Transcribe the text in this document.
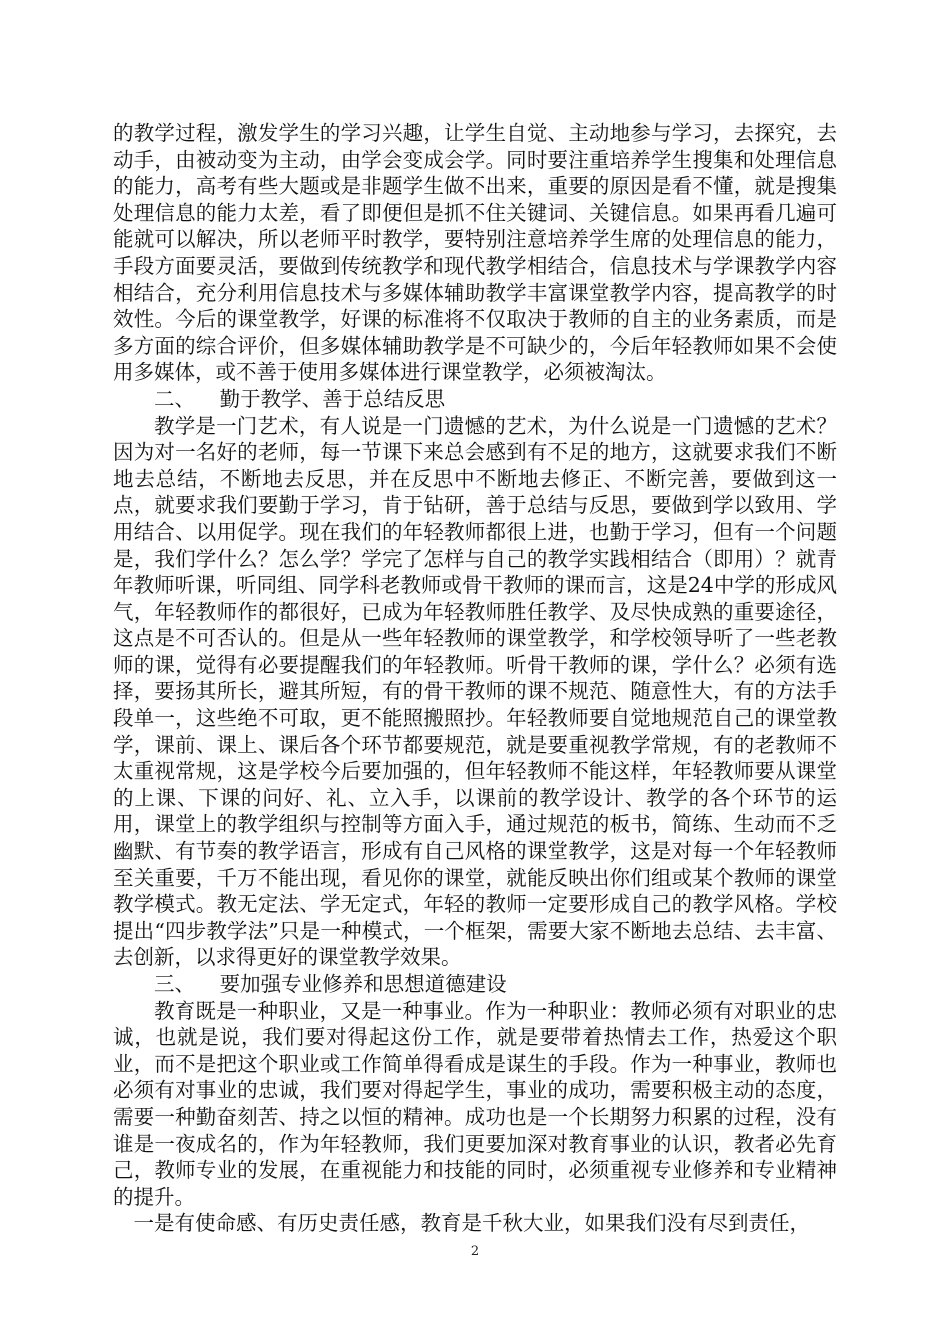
的教学过程，激发学生的学习兴趣，让学生自觉、主动地参与学习，去探究，去动手，由被动变为主动，由学会变成会学。同时要注重培养学生搜集和处理信息的能力，高考有些大题或是非题学生做不出来，重要的原因是看不懂，就是搜集处理信息的能力太差，看了即便但是抓不住关键词、关键信息。如果再看几遍可能就可以解决，所以老师平时教学，要特别注意培养学生席的处理信息的能力，手段方面要灵活，要做到传统教学和现代教学相结合，信息技术与学课教学内容相结合，充分利用信息技术与多媒体辅助教学丰富课堂教学内容，提高教学的时效性。今后的课堂教学，好课的标准将不仅取决于教师的自主的业务素质，而是多方面的综合评价，但多媒体辅助教学是不可缺少的，今后年轻教师如果不会使用多媒体，或不善于使用多媒体进行课堂教学，必须被淘汰。

二、 勤于教学、善于总结反思

教学是一门艺术，有人说是一门遗憾的艺术，为什么说是一门遗憾的艺术？因为对一名好的老师，每一节课下来总会感到有不足的地方，这就要求我们不断地去总结，不断地去反思，并在反思中不断地去修正、不断完善，要做到这一点，就要求我们要勤于学习，肯于钻研，善于总结与反思，要做到学以致用、学用结合、以用促学。现在我们的年轻教师都很上进，也勤于学习，但有一个问题是，我们学什么？怎么学？学完了怎样与自己的教学实践相结合（即用）？就青年教师听课，听同组、同学科老教师或骨干教师的课而言，这是24中学的形成风气，年轻教师作的都很好，已成为年轻教师胜任教学、及尽快成熟的重要途径，这点是不可否认的。但是从一些年轻教师的课堂教学，和学校领导听了一些老教师的课，觉得有必要提醒我们的年轻教师。听骨干教师的课，学什么？必须有选择，要扬其所长，避其所短，有的骨干教师的课不规范、随意性大，有的方法手段单一，这些绝不可取，更不能照搬照抄。年轻教师要自觉地规范自己的课堂教学，课前、课上、课后各个环节都要规范，就是要重视教学常规，有的老教师不太重视常规，这是学校今后要加强的，但年轻教师不能这样，年轻教师要从课堂的上课、下课的问好、礼、立入手，以课前的教学设计、教学的各个环节的运用，课堂上的教学组织与控制等方面入手，通过规范的板书，简练、生动而不乏幽默、有节奏的教学语言，形成有自己风格的课堂教学，这是对每一个年轻教师至关重要，千万不能出现，看见你的课堂，就能反映出你们组或某个教师的课堂教学模式。教无定法、学无定式，年轻的教师一定要形成自己的教学风格。学校提出“四步教学法”只是一种模式，一个框架，需要大家不断地去总结、去丰富、去创新，以求得更好的课堂教学效果。

三、 要加强专业修养和思想道德建设

教育既是一种职业，又是一种事业。作为一种职业：教师必须有对职业的忠诚，也就是说，我们要对得起这份工作，就是要带着热情去工作，热爱这个职业，而不是把这个职业或工作简单得看成是谋生的手段。作为一种事业，教师也必须有对事业的忠诚，我们要对得起学生，事业的成功，需要积极主动的态度，需要一种勤奋刻苦、持之以恒的精神。成功也是一个长期努力积累的过程，没有谁是一夜成名的，作为年轻教师，我们更要加深对教育事业的认识，教者必先育己，教师专业的发展，在重视能力和技能的同时，必须重视专业修养和专业精神的提升。

一是有使命感、有历史责任感，教育是千秋大业，如果我们没有尽到责任，

2
